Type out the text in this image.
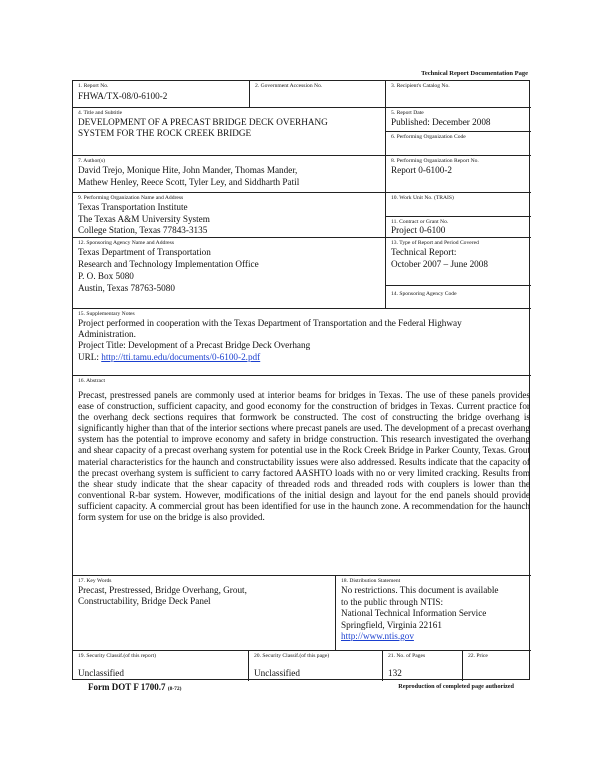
Technical Report Documentation Page
1. Report No.
FHWA/TX-08/0-6100-2
2. Government Accession No.	3. Recipient's Catalog No.
4. Title and Subtitle
DEVELOPMENT OF A PRECAST BRIDGE DECK OVERHANG
SYSTEM FOR THE ROCK CREEK BRIDGE
5. Report Date
Published: December 2008
6. Performing Organization Code
7. Author(s)
David Trejo, Monique Hite, John Mander, Thomas Mander,
Mathew Henley, Reece Scott, Tyler Ley, and Siddharth Patil
8. Performing Organization Report No.
Report 0-6100-2
9. Performing Organization Name and Address
Texas Transportation Institute
The Texas A&M University System
College Station, Texas 77843-3135
10. Work Unit No. (TRAIS)
11. Contract or Grant No.
Project 0-6100
12. Sponsoring Agency Name and Address
Texas Department of Transportation
Research and Technology Implementation Office
P. O. Box 5080
Austin, Texas 78763-5080
13. Type of Report and Period Covered
Technical Report:
October 2007 – June 2008
14. Sponsoring Agency Code
15. Supplementary Notes
Project performed in cooperation with the Texas Department of Transportation and the Federal Highway
Administration.
Project Title: Development of a Precast Bridge Deck Overhang
URL: http://tti.tamu.edu/documents/0-6100-2.pdf
16. Abstract

Precast, prestressed panels are commonly used at interior beams for bridges in Texas. The use of these panels provides ease of construction, sufficient capacity, and good economy for the construction of bridges in Texas. Current practice for the overhang deck sections requires that formwork be constructed. The cost of constructing the bridge overhang is significantly higher than that of the interior sections where precast panels are used. The development of a precast overhang system has the potential to improve economy and safety in bridge construction. This research investigated the overhang and shear capacity of a precast overhang system for potential use in the Rock Creek Bridge in Parker County, Texas. Grout material characteristics for the haunch and constructability issues were also addressed. Results indicate that the capacity of the precast overhang system is sufficient to carry factored AASHTO loads with no or very limited cracking. Results from the shear study indicate that the shear capacity of threaded rods and threaded rods with couplers is lower than the conventional R-bar system. However, modifications of the initial design and layout for the end panels should provide sufficient capacity. A commercial grout has been identified for use in the haunch zone. A recommendation for the haunch form system for use on the bridge is also provided.

17. Key Words
Precast, Prestressed, Bridge Overhang, Grout,
Constructability, Bridge Deck Panel
18. Distribution Statement
No restrictions. This document is available
to the public through NTIS:
National Technical Information Service
Springfield, Virginia 22161
http://www.ntis.gov
19. Security Classif.(of this report)
Unclassified
20. Security Classif.(of this page)
Unclassified
21. No. of Pages
132
22. Price
Form DOT F 1700.7 (8-72)	Reproduction of completed page authorized
